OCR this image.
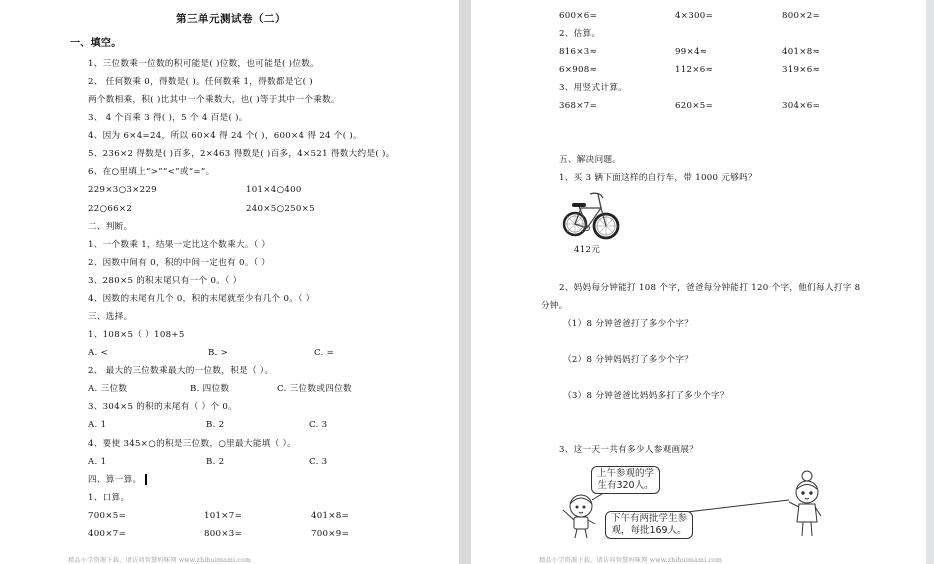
第三单元测试卷（二）
一、填空。
1、三位数乘一位数的积可能是( )位数，也可能是( )位数。
2、 任何数乘 0，得数是( )。任何数乘 1，得数都是它( )
两个数相乘，积( )比其中一个乘数大，也( )等于其中一个乘数。
3、 4 个百乘 3 得( )，5 个 4 百是( )。
4、因为 6×4=24，所以 60×4 得 24 个( )，600×4 得 24 个( )。
5、236×2 得数是( )百多，2×463 得数是( )百多，4×521 得数大约是( )。
6、在○里填上“>”“<”或“=”。
229×3○3×229	101×4○400
22○66×2	240×5○250×5
二、判断。
1、一个数乘 1，结果一定比这个数乘大。（ ）
2、因数中间有 0，积的中间一定也有 0。（ ）
3、280×5 的积末尾只有一个 0。（ ）
4、因数的末尾有几个 0，积的末尾就至少有几个 0。（ ）
三、选择。
1、108×5（ ）108+5
A. <	B. >	C. =
2、 最大的三位数乘最大的一位数，积是（ ）。
A. 三位数	B. 四位数	C. 三位数或四位数
3、304×5 的积的末尾有（ ）个 0。
A. 1	B. 2	C. 3
4、要使 345×○的积是三位数，○里最大能填（ ）。
A. 1	B. 2	C. 3
四、算一算。
1、口算。
700×5=	101×7=	401×8=
400×7=	800×3=	700×9=
精品小学资源下载，请访问智慧妈咪网 www.zhihuimami.com
600×6=	4×300=	800×2=
2、估算。
816×3≈	99×4≈	401×8≈
6×908≈	112×6≈	319×6≈
3、用竖式计算。
368×7=	620×5=	304×6=
五、解决问题。
1、买 3 辆下面这样的自行车，带 1000 元够吗？
412元
2、妈妈每分钟能打 108 个字，爸爸每分钟能打 120 个字，他们每人打字 8
分钟。
（1）8 分钟爸爸打了多少个字？
（2）8 分钟妈妈打了多少个字？
（3）8 分钟爸爸比妈妈多打了多少个字？
3、这一天一共有多少人参观画展？
上午参观的学
生有320人。
下午有两批学生参
观，每批169人。
精品小学资源下载，请访问智慧妈咪网 www.zhihuimami.com
